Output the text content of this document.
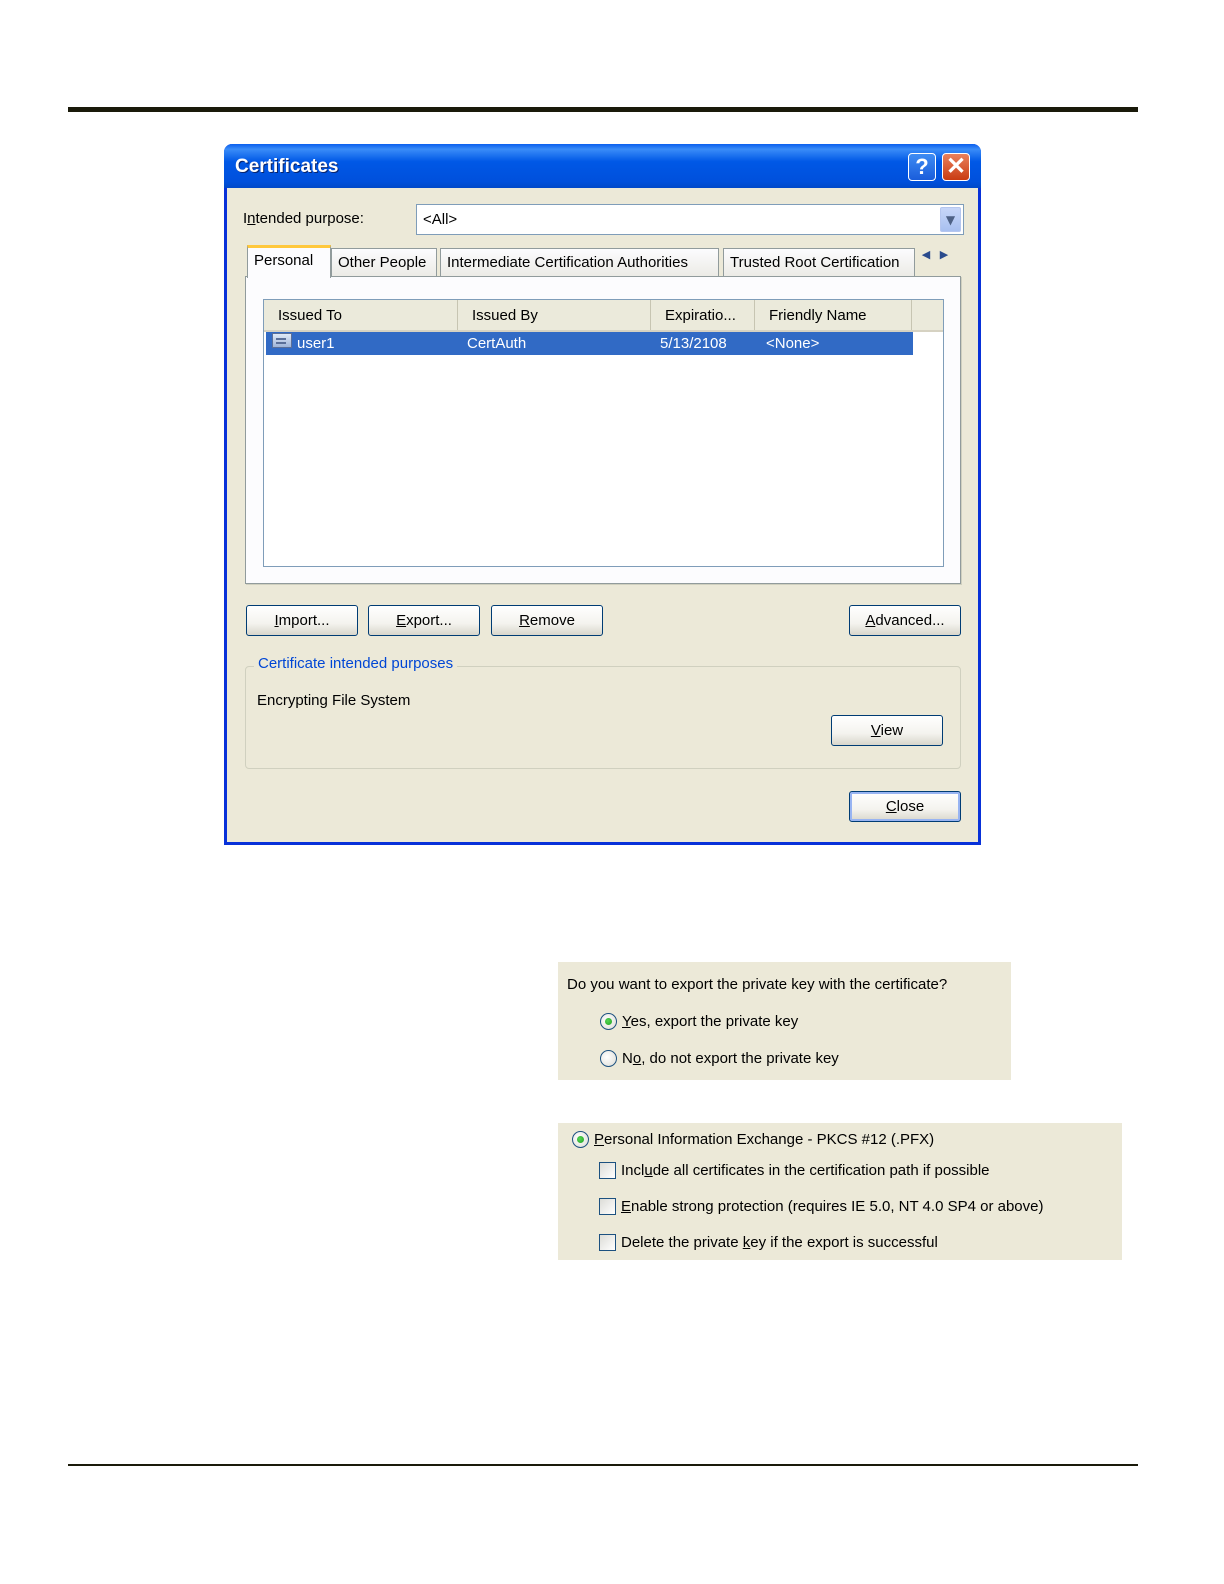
Certificates	? ✕
Intended purpose:	<All>	▼
Personal	Other People	Intermediate Certification Authorities	Trusted Root Certification	◀ ▶
Issued To	Issued By	Expiratio...	Friendly Name
user1	CertAuth	5/13/2108	<None>
Import...	Export...	Remove	Advanced...
Certificate intended purposes
Encrypting File System
View
Close
Do you want to export the private key with the certificate?
Yes, export the private key
No, do not export the private key
Personal Information Exchange - PKCS #12 (.PFX)
Include all certificates in the certification path if possible
Enable strong protection (requires IE 5.0, NT 4.0 SP4 or above)
Delete the private key if the export is successful
